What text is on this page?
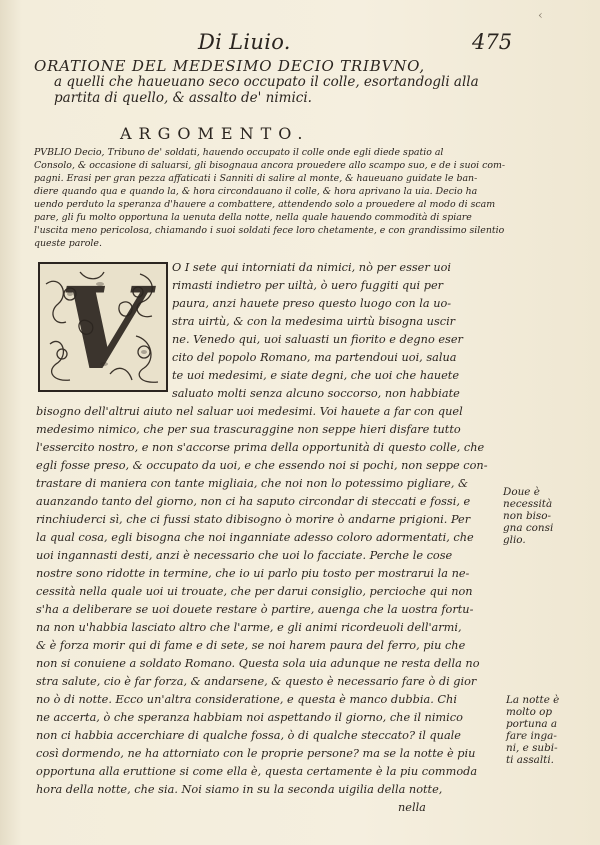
‹
Di Liuio.	475
ORATIONE DEL MEDESIMO DECIO TRIBVNO,
a quelli che haueuano seco occupato il colle, esortandogli alla
partita di quello, & assalto de' nimici.
ARGOMENTO.
PVBLIO Decio, Tribuno de' soldati, hauendo occupato il colle onde egli diede spatio al
Consolo, & occasione di saluarsi, gli bisognaua ancora prouedere allo scampo suo, e de i suoi com-
pagni. Erasi per gran pezza affaticati i Sanniti di salire al monte, & haueuano guidate le ban-
diere quando qua e quando la, & hora circondauano il colle, & hora aprivano la uia. Decio ha
uendo perduto la speranza d'hauere a combattere, attendendo solo a prouedere al modo di scam
pare, gli fu molto opportuna la uenuta della notte, nella quale hauendo commodità di spiare
l'uscita meno pericolosa, chiamando i suoi soldati fece loro chetamente, e con grandissimo silentio
queste parole.
V	O I sete qui intorniati da nimici, nò per esser uoi
rimasti indietro per uiltà, ò uero fuggiti qui per
paura, anzi hauete preso questo luogo con la uo-
stra uirtù, & con la medesima uirtù bisogna uscir
ne. Venedo qui, uoi saluasti un fiorito e degno eser
cito del popolo Romano, ma partendoui uoi, salua
te uoi medesimi, e siate degni, che uoi che hauete
saluato molti senza alcuno soccorso, non habbiate
bisogno dell'altrui aiuto nel saluar uoi medesimi. Voi hauete a far con quel
medesimo nimico, che per sua trascuraggine non seppe hieri disfare tutto
l'essercito nostro, e non s'accorse prima della opportunità di questo colle, che
egli fosse preso, & occupato da uoi, e che essendo noi si pochi, non seppe con-
trastare di maniera con tante migliaia, che noi non lo potessimo pigliare, &
auanzando tanto del giorno, non ci ha saputo circondar di steccati e fossi, e
rinchiuderci sì, che ci fussi stato dibisogno ò morire ò andarne prigioni. Per
la qual cosa, egli bisogna che noi inganniate adesso coloro adormentati, che
uoi ingannasti desti, anzi è necessario che uoi lo facciate. Perche le cose
nostre sono ridotte in termine, che io ui parlo piu tosto per mostrarui la ne-
cessità nella quale uoi ui trouate, che per darui consiglio, percioche qui non
s'ha a deliberare se uoi douete restare ò partire, auenga che la uostra fortu-
na non u'habbia lasciato altro che l'arme, e gli animi ricordeuoli dell'armi,
& è forza morir qui di fame e di sete, se noi harem paura del ferro, piu che
non si conuiene a soldato Romano. Questa sola uia adunque ne resta della no
stra salute, cio è far forza, & andarsene, & questo è necessario fare ò di gior
no ò di notte. Ecco un'altra consideratione, e questa è manco dubbia. Chi
ne accerta, ò che speranza habbiam noi aspettando il giorno, che il nimico
non ci habbia accerchiare di qualche fossa, ò di qualche steccato? il quale
così dormendo, ne ha attorniato con le proprie persone? ma se la notte è piu
opportuna alla eruttione si come ella è, questa certamente è la piu commoda
hora della notte, che sia. Noi siamo in su la seconda uigilia della notte,
nella
Doue è
necessità
non biso-
gna consi
glio.
La notte è
molto op
portuna a
fare inga-
ni, e subi-
ti assalti.
